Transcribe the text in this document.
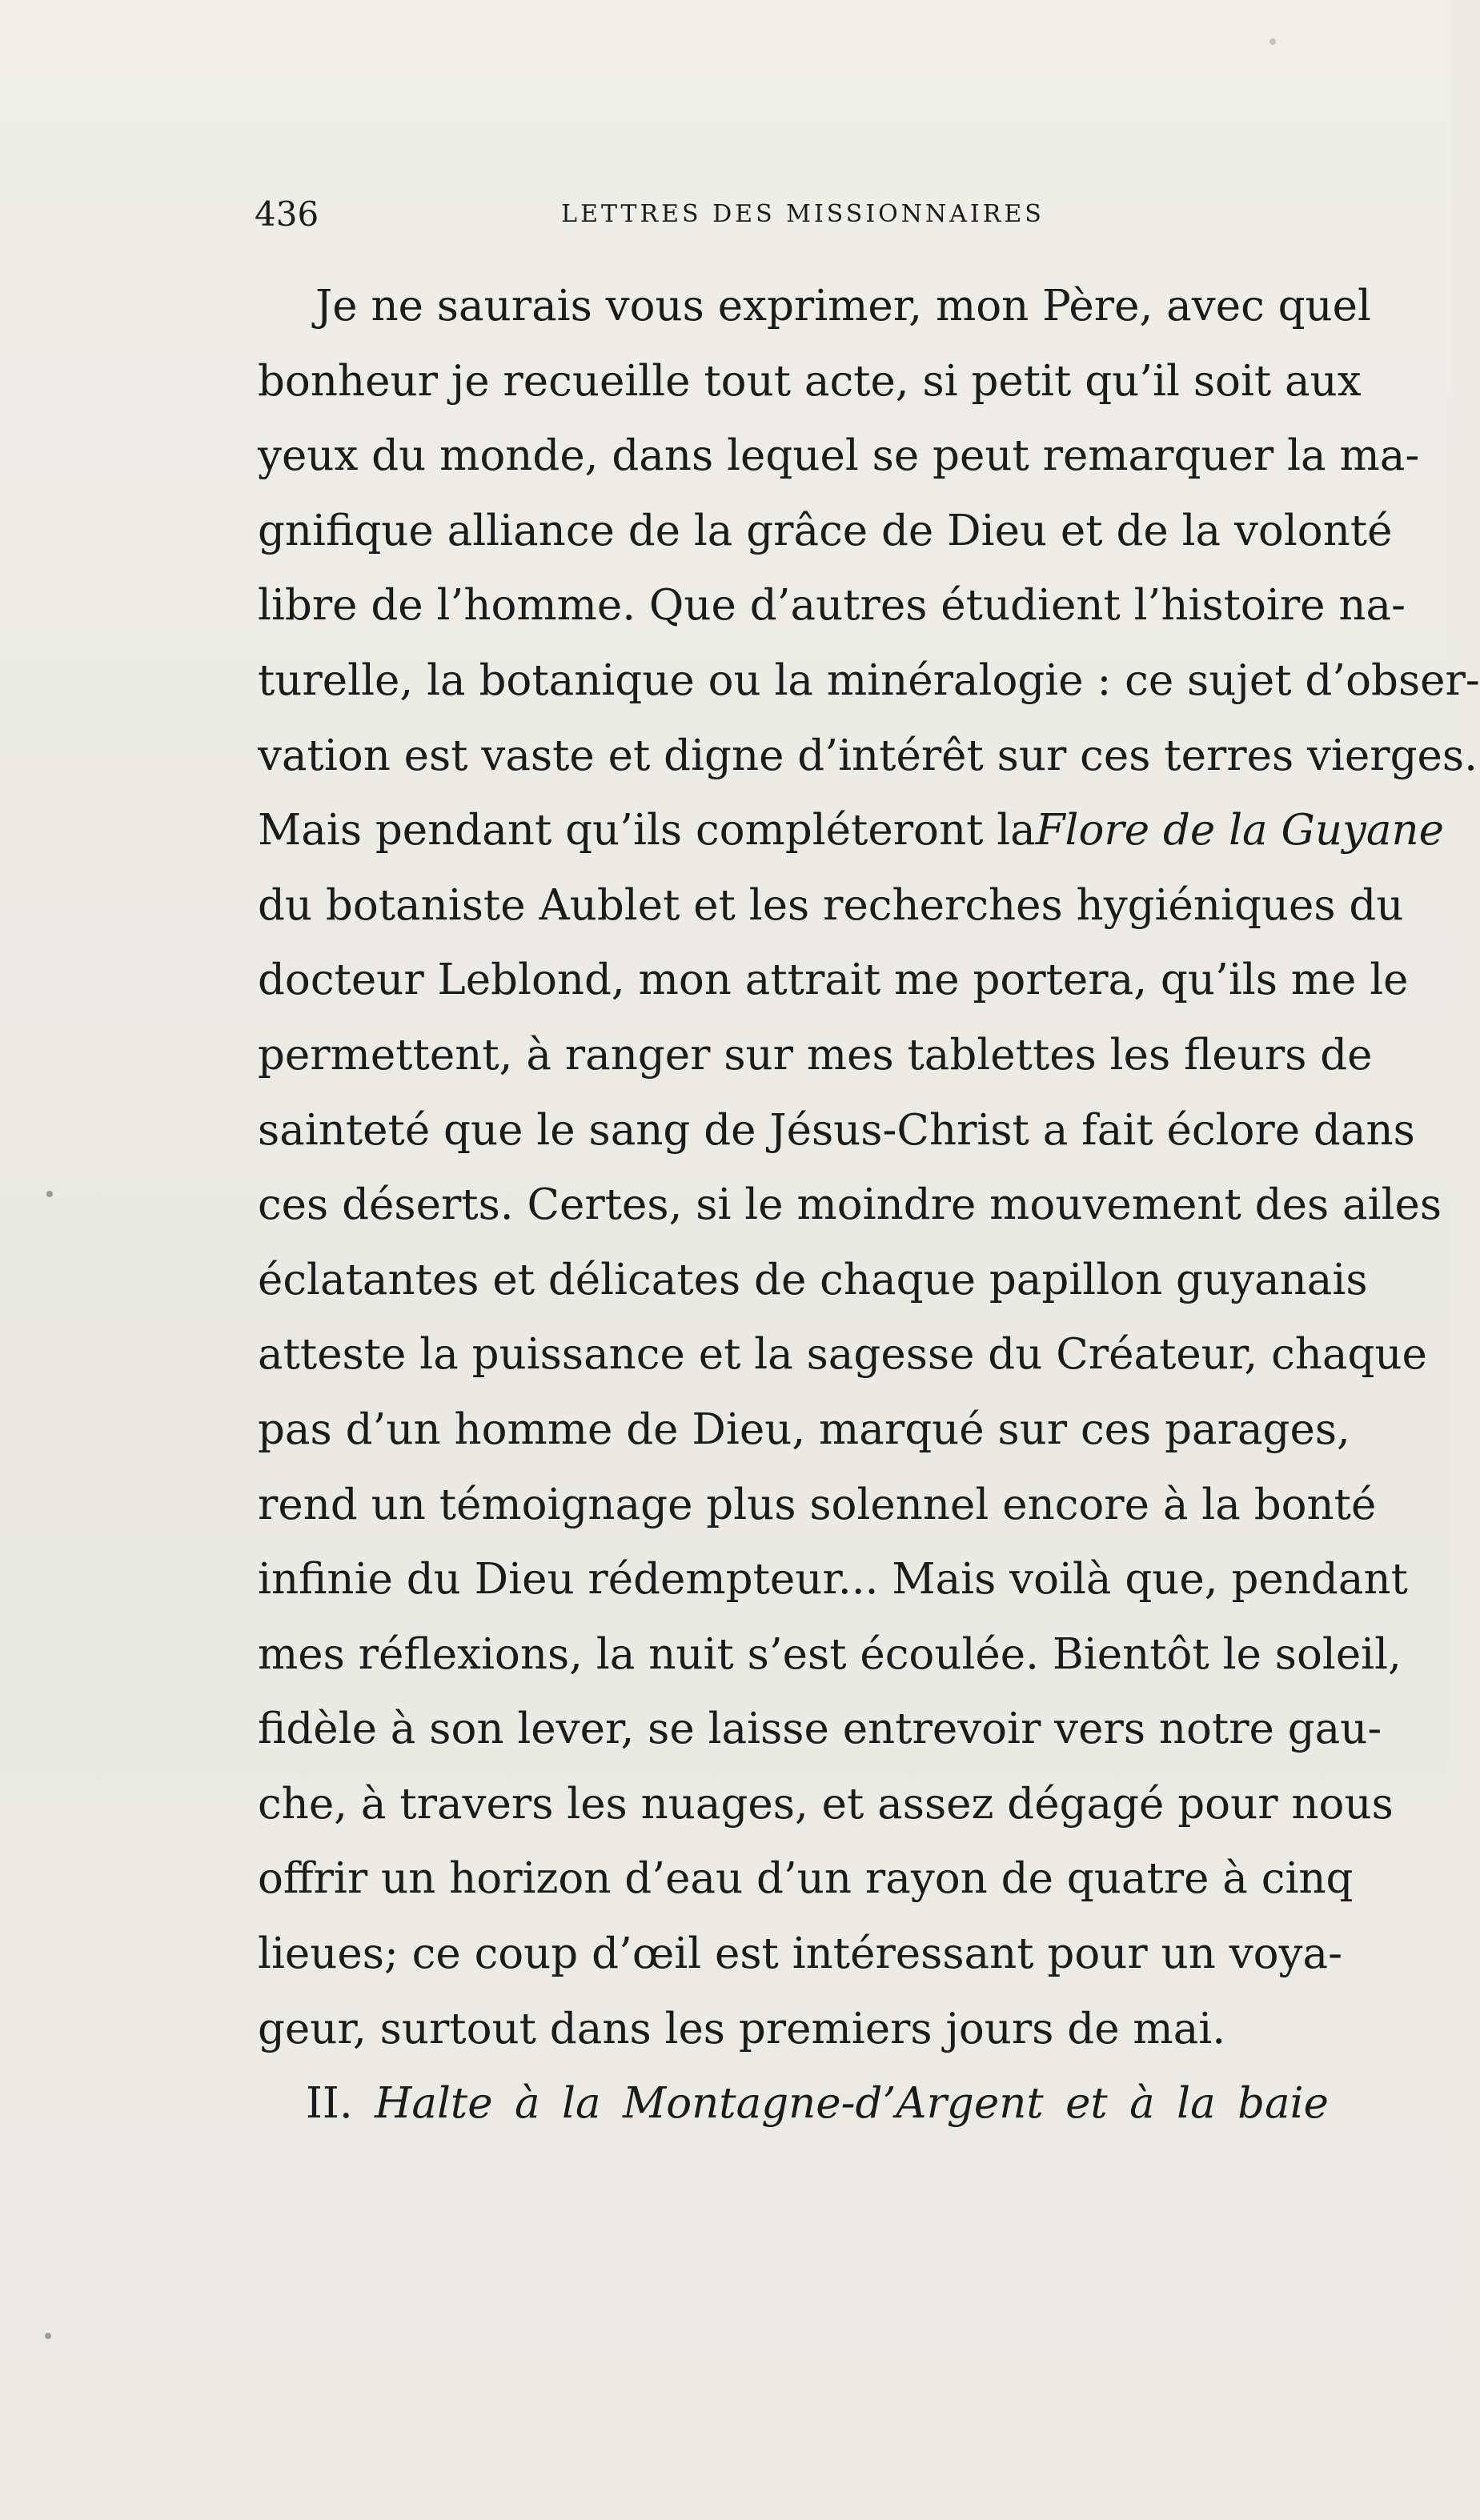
436	LETTRES DES MISSIONNAIRES
Je ne saurais vous exprimer, mon Père, avec quel
bonheur je recueille tout acte, si petit qu’il soit aux
yeux du monde, dans lequel se peut remarquer la ma-
gnifique alliance de la grâce de Dieu et de la volonté
libre de l’homme. Que d’autres étudient l’histoire na-
turelle, la botanique ou la minéralogie : ce sujet d’obser-
vation est vaste et digne d’intérêt sur ces terres vierges.
Mais pendant qu’ils compléteront laFlore de la Guyane
du botaniste Aublet et les recherches hygiéniques du
docteur Leblond, mon attrait me portera, qu’ils me le
permettent, à ranger sur mes tablettes les fleurs de
sainteté que le sang de Jésus-Christ a fait éclore dans
ces déserts. Certes, si le moindre mouvement des ailes
éclatantes et délicates de chaque papillon guyanais
atteste la puissance et la sagesse du Créateur, chaque
pas d’un homme de Dieu, marqué sur ces parages,
rend un témoignage plus solennel encore à la bonté
infinie du Dieu rédempteur... Mais voilà que, pendant
mes réflexions, la nuit s’est écoulée. Bientôt le soleil,
fidèle à son lever, se laisse entrevoir vers notre gau-
che, à travers les nuages, et assez dégagé pour nous
offrir un horizon d’eau d’un rayon de quatre à cinq
lieues; ce coup d’œil est intéressant pour un voya-
geur, surtout dans les premiers jours de mai.
II. Halte à la Montagne-d’Argent et à la baie
